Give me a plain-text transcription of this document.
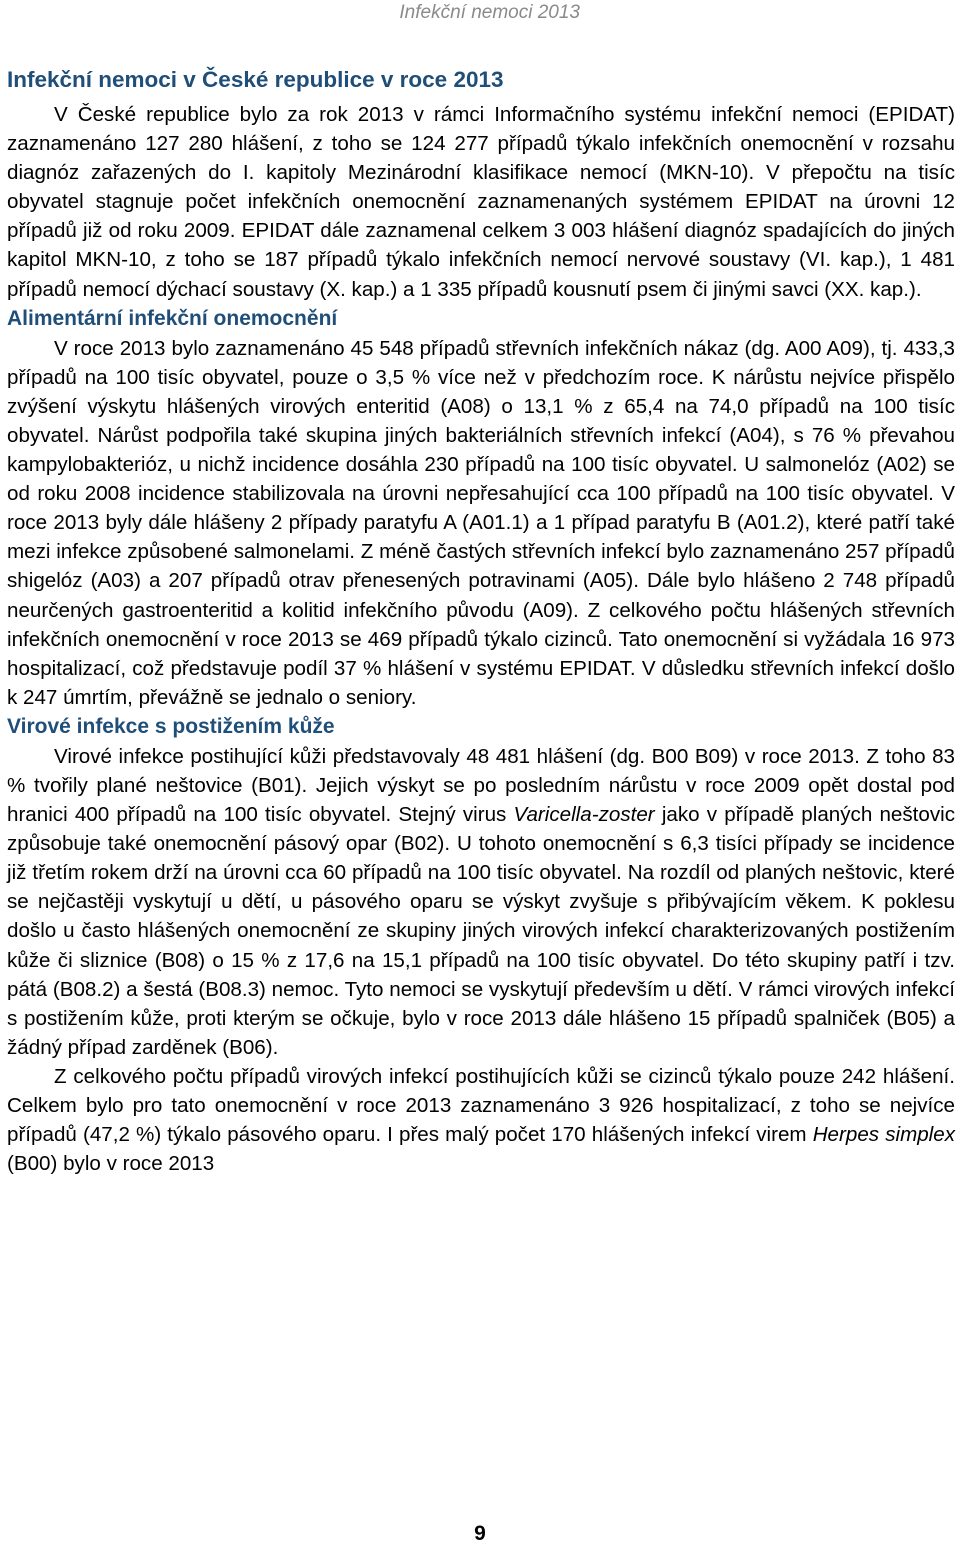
Infekční nemoci 2013
Infekční nemoci v České republice v roce 2013

V České republice bylo za rok 2013 v rámci Informačního systému infekční nemoci (EPIDAT) zaznamenáno 127 280 hlášení, z toho se 124 277 případů týkalo infekčních onemocnění v rozsahu diagnóz zařazených do I. kapitoly Mezinárodní klasifikace nemocí (MKN-10). V přepočtu na tisíc obyvatel stagnuje počet infekčních onemocnění zaznamenaných systémem EPIDAT na úrovni 12 případů již od roku 2009. EPIDAT dále zaznamenal celkem 3 003 hlášení diagnóz spadajících do jiných kapitol MKN-10, z toho se 187 případů týkalo infekčních nemocí nervové soustavy (VI. kap.), 1 481 případů nemocí dýchací soustavy (X. kap.) a 1 335 případů kousnutí psem či jinými savci (XX. kap.).

Alimentární infekční onemocnění

V roce 2013 bylo zaznamenáno 45 548 případů střevních infekčních nákaz (dg. A00 A09), tj. 433,3 případů na 100 tisíc obyvatel, pouze o 3,5 % více než v předchozím roce. K nárůstu nejvíce přispělo zvýšení výskytu hlášených virových enteritid (A08) o 13,1 % z 65,4 na 74,0 případů na 100 tisíc obyvatel. Nárůst podpořila také skupina jiných bakteriálních střevních infekcí (A04), s 76 % převahou kampylobakterióz, u nichž incidence dosáhla 230 případů na 100 tisíc obyvatel. U salmonelóz (A02) se od roku 2008 incidence stabilizovala na úrovni nepřesahující cca 100 případů na 100 tisíc obyvatel. V roce 2013 byly dále hlášeny 2 případy paratyfu A (A01.1) a 1 případ paratyfu B (A01.2), které patří také mezi infekce způsobené salmonelami. Z méně častých střevních infekcí bylo zaznamenáno 257 případů shigelóz (A03) a 207 případů otrav přenesených potravinami (A05). Dále bylo hlášeno 2 748 případů neurčených gastroenteritid a kolitid infekčního původu (A09). Z celkového počtu hlášených střevních infekčních onemocnění v roce 2013 se 469 případů týkalo cizinců. Tato onemocnění si vyžádala 16 973 hospitalizací, což představuje podíl 37 % hlášení v systému EPIDAT. V důsledku střevních infekcí došlo k 247 úmrtím, převážně se jednalo o seniory.

Virové infekce s postižením kůže

Virové infekce postihující kůži představovaly 48 481 hlášení (dg. B00 B09) v roce 2013. Z toho 83 % tvořily plané neštovice (B01). Jejich výskyt se po posledním nárůstu v roce 2009 opět dostal pod hranici 400 případů na 100 tisíc obyvatel. Stejný virus Varicella-zoster jako v případě planých neštovic způsobuje také onemocnění pásový opar (B02). U tohoto onemocnění s 6,3 tisíci případy se incidence již třetím rokem drží na úrovni cca 60 případů na 100 tisíc obyvatel. Na rozdíl od planých neštovic, které se nejčastěji vyskytují u dětí, u pásového oparu se výskyt zvyšuje s přibývajícím věkem. K poklesu došlo u často hlášených onemocnění ze skupiny jiných virových infekcí charakterizovaných postižením kůže či sliznice (B08) o 15 % z 17,6 na 15,1 případů na 100 tisíc obyvatel. Do této skupiny patří i tzv. pátá (B08.2) a šestá (B08.3) nemoc. Tyto nemoci se vyskytují především u dětí. V rámci virových infekcí s postižením kůže, proti kterým se očkuje, bylo v roce 2013 dále hlášeno 15 případů spalniček (B05) a žádný případ zarděnek (B06).

Z celkového počtu případů virových infekcí postihujících kůži se cizinců týkalo pouze 242 hlášení. Celkem bylo pro tato onemocnění v roce 2013 zaznamenáno 3 926 hospitalizací, z toho se nejvíce případů (47,2 %) týkalo pásového oparu. I přes malý počet 170 hlášených infekcí virem Herpes simplex (B00) bylo v roce 2013

9
